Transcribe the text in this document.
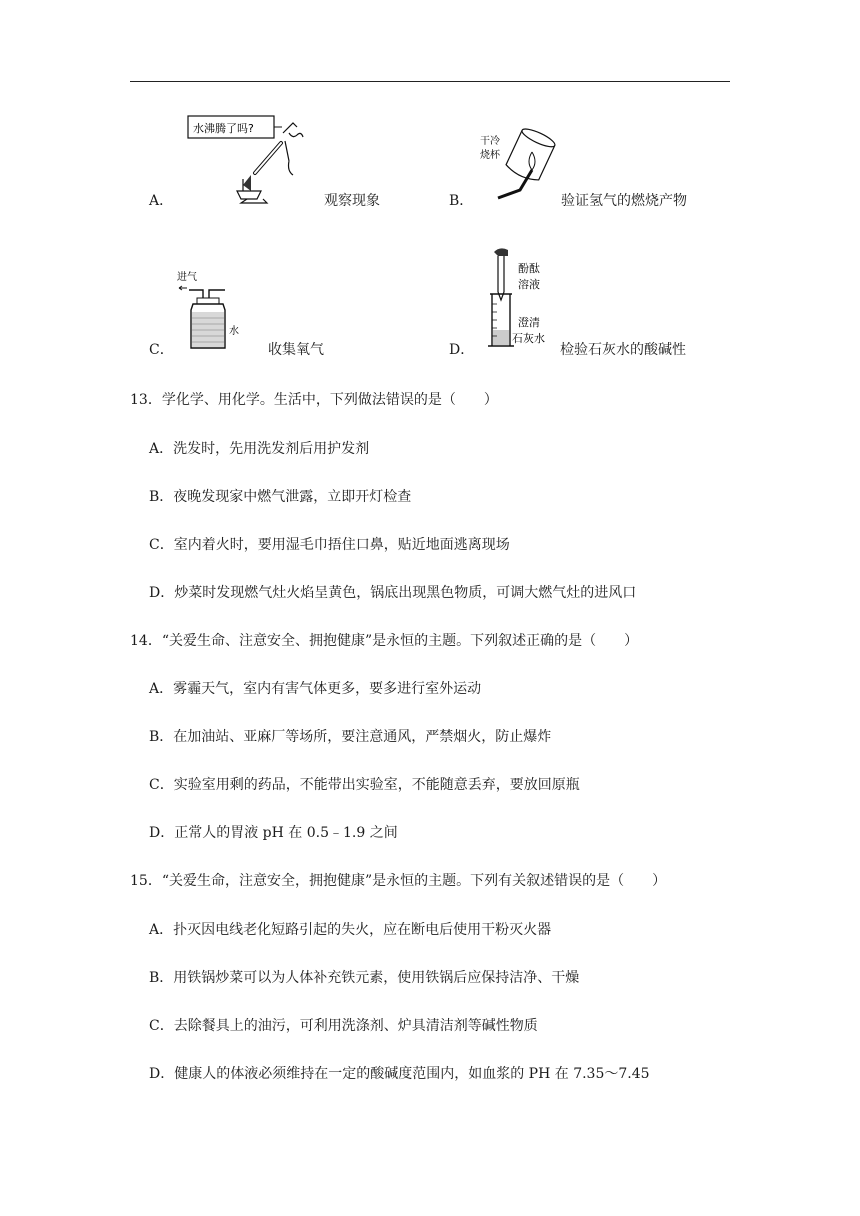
A．
水沸腾了吗?
观察现象	B．
干冷
烧杯
验证氢气的燃烧产物
C．
进气
水
收集氧气	D．
酚酞
溶液
澄清
石灰水
检验石灰水的酸碱性
13．学化学、用化学。生活中，下列做法错误的是（　　）
A．洗发时，先用洗发剂后用护发剂
B．夜晚发现家中燃气泄露，立即开灯检查
C．室内着火时，要用湿毛巾捂住口鼻，贴近地面逃离现场
D．炒菜时发现燃气灶火焰呈黄色，锅底出现黑色物质，可调大燃气灶的进风口
14．“关爱生命、注意安全、拥抱健康”是永恒的主题。下列叙述正确的是（　　）
A．雾霾天气，室内有害气体更多，要多进行室外运动
B．在加油站、亚麻厂等场所，要注意通风，严禁烟火，防止爆炸
C．实验室用剩的药品，不能带出实验室，不能随意丢弃，要放回原瓶
D．正常人的胃液 pH 在 0.5﹣1.9 之间
15．“关爱生命，注意安全，拥抱健康”是永恒的主题。下列有关叙述错误的是（　　）
A．扑灭因电线老化短路引起的失火，应在断电后使用干粉灭火器
B．用铁锅炒菜可以为人体补充铁元素，使用铁锅后应保持洁净、干燥
C．去除餐具上的油污，可利用洗涤剂、炉具清洁剂等碱性物质
D．健康人的体液必须维持在一定的酸碱度范围内，如血浆的 PH 在 7.35～7.45
